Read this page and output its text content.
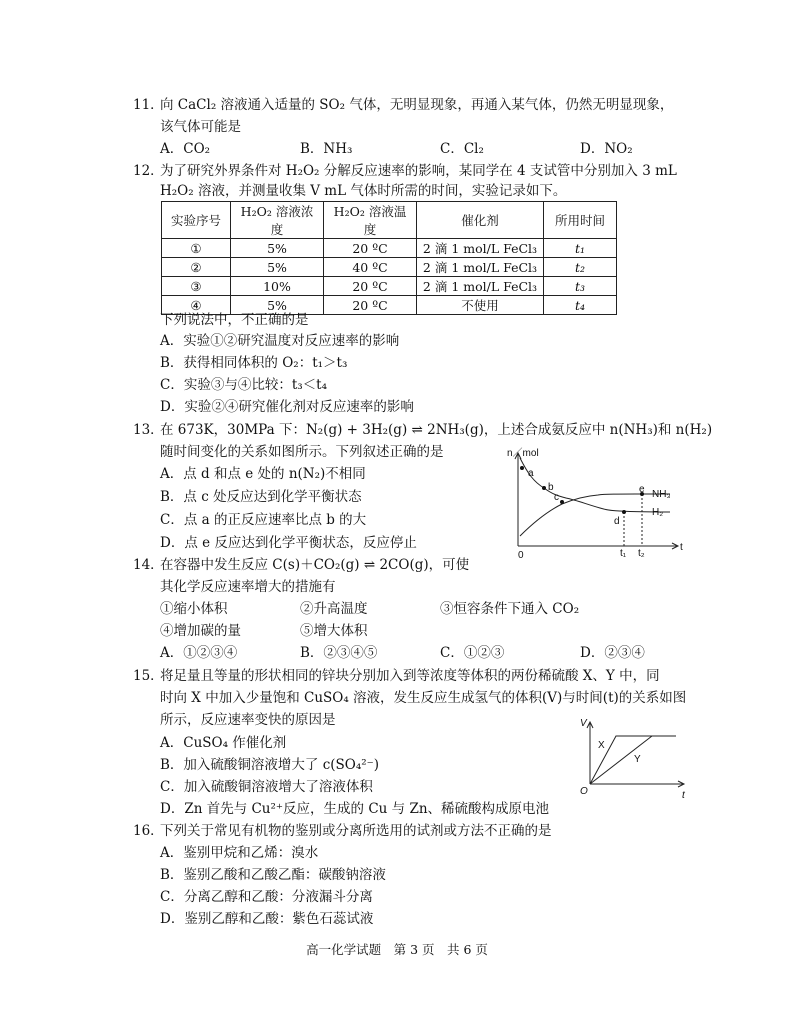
11．
向 CaCl₂ 溶液通入适量的 SO₂ 气体，无明显现象，再通入某气体，仍然无明显现象，
该气体可能是
A．CO₂	B．NH₃	C．Cl₂	D．NO₂
12．
为了研究外界条件对 H₂O₂ 分解反应速率的影响，某同学在 4 支试管中分别加入 3 mL
H₂O₂ 溶液，并测量收集 V mL 气体时所需的时间，实验记录如下。
实验序号	H₂O₂ 溶液浓度	H₂O₂ 溶液温度	催化剂	所用时间
①	5%	20 ºC	2 滴 1 mol/L FeCl₃	t₁
②	5%	40 ºC	2 滴 1 mol/L FeCl₃	t₂
③	10%	20 ºC	2 滴 1 mol/L FeCl₃	t₃
④	5%	20 ºC	不使用	t₄
下列说法中，不正确的是
A．实验①②研究温度对反应速率的影响
B．获得相同体积的 O₂：t₁＞t₃
C．实验③与④比较：t₃＜t₄
D．实验②④研究催化剂对反应速率的影响
13．
在 673K，30MPa 下：N₂(g) + 3H₂(g) ⇌ 2NH₃(g)，上述合成氨反应中 n(NH₃)和 n(H₂)
随时间变化的关系如图所示。下列叙述正确的是
A．点 d 和点 e 处的 n(N₂)不相同
B．点 c 处反应达到化学平衡状态
C．点 a 的正反应速率比点 b 的大
D．点 e 反应达到化学平衡状态，反应停止
n／mol
0
t
a
b
c
d
e NH₃
H₂
t₁ t₂
14．
在容器中发生反应 C(s)＋CO₂(g) ⇌ 2CO(g)，可使
其化学反应速率增大的措施有
①缩小体积	②升高温度	③恒容条件下通入 CO₂
④增加碳的量	⑤增大体积
A．①②③④	B．②③④⑤	C．①②③	D．②③④
15．
将足量且等量的形状相同的锌块分别加入到等浓度等体积的两份稀硫酸 X、Y 中，同
时向 X 中加入少量饱和 CuSO₄ 溶液，发生反应生成氢气的体积(V)与时间(t)的关系如图
所示，反应速率变快的原因是
A．CuSO₄ 作催化剂
B．加入硫酸铜溶液增大了 c(SO₄²⁻)
C．加入硫酸铜溶液增大了溶液体积
D．Zn 首先与 Cu²⁺反应，生成的 Cu 与 Zn、稀硫酸构成原电池
V
t
O
X
Y
16．
下列关于常见有机物的鉴别或分离所选用的试剂或方法不正确的是
A．鉴别甲烷和乙烯：溴水
B．鉴别乙酸和乙酸乙酯：碳酸钠溶液
C．分离乙醇和乙酸：分液漏斗分离
D．鉴别乙醇和乙酸：紫色石蕊试液
高一化学试题　第 3 页　共 6 页
